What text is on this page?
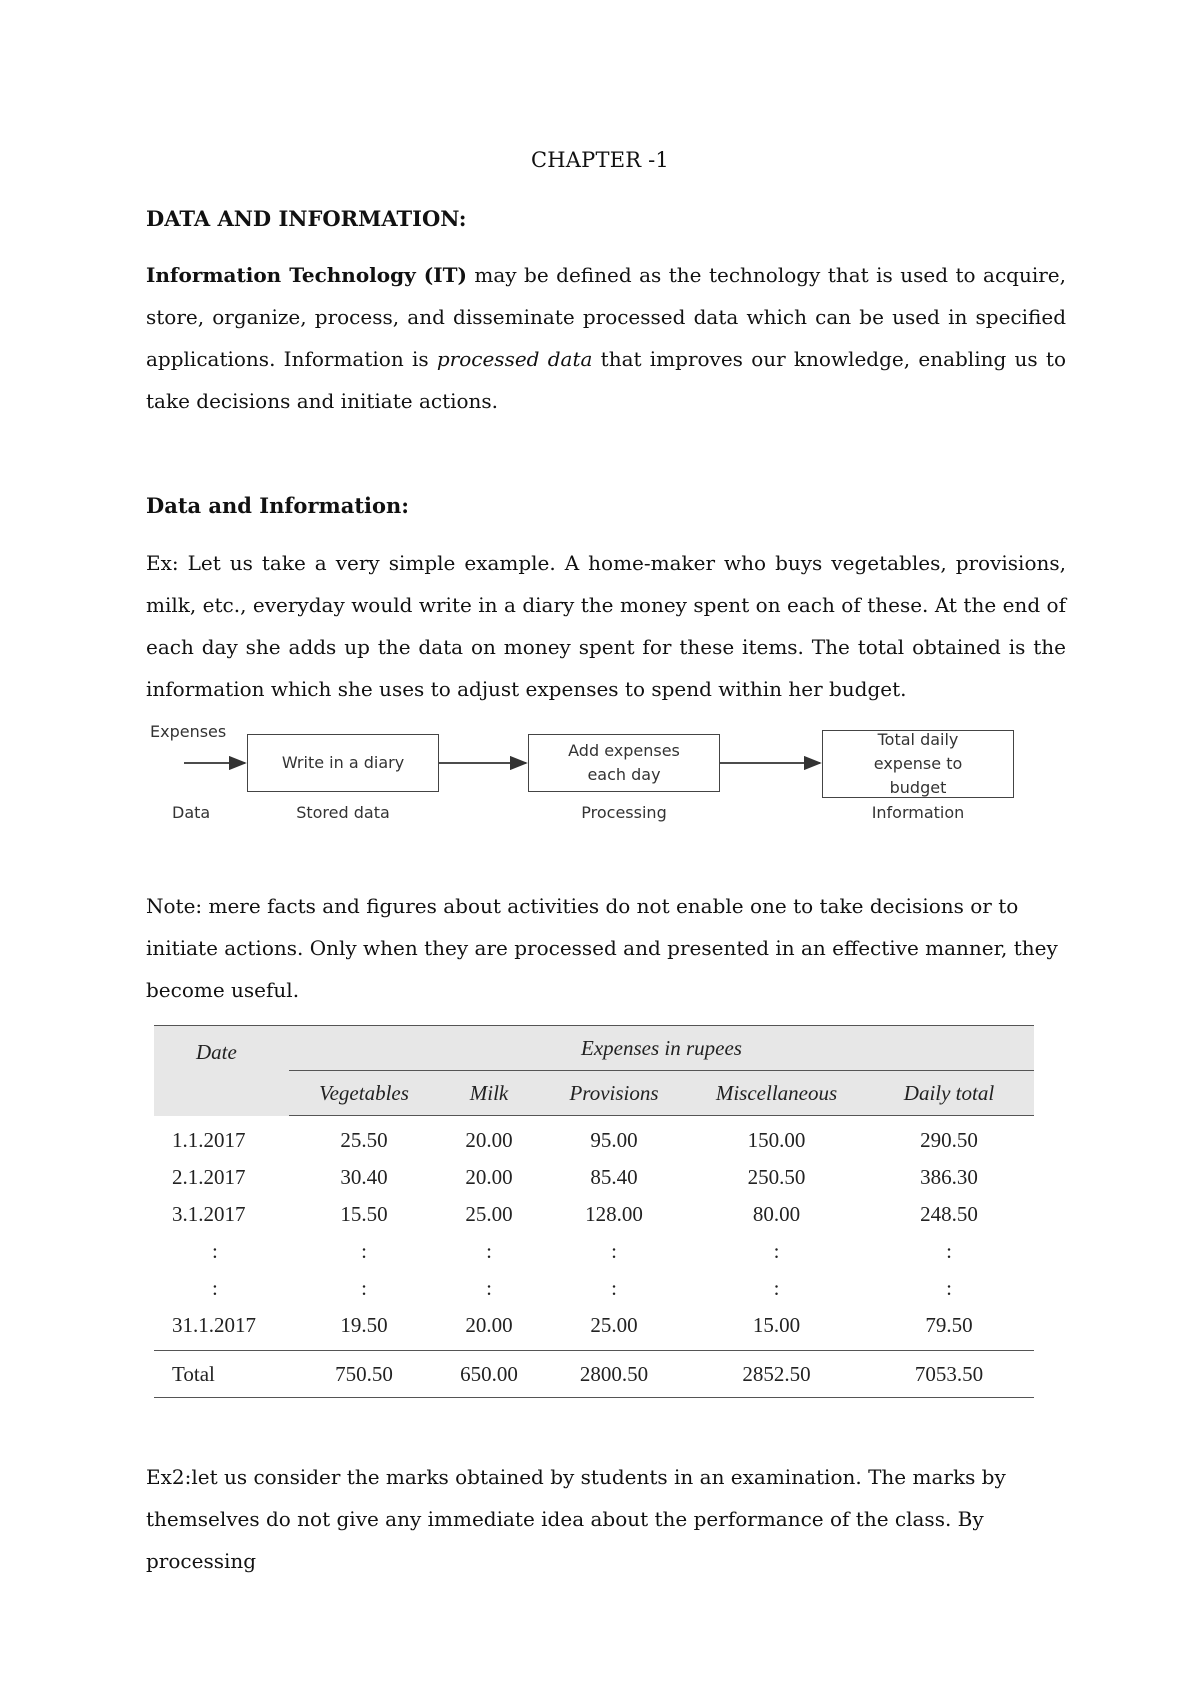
CHAPTER -1
DATA AND INFORMATION:
Information Technology (IT) may be defined as the technology that is used to acquire, store, organize, process, and disseminate processed data which can be used in specified applications. Information is processed data that improves our knowledge, enabling us to take decisions and initiate actions.
Data and Information:
Ex: Let us take a very simple example. A home-maker who buys vegetables, provisions, milk, etc., everyday would write in a diary the money spent on each of these. At the end of each day she adds up the data on money spent for these items. The total obtained is the information which she uses to adjust expenses to spend within her budget.
Expenses
Write in a diary
Add expenses each day
Total daily expense to budget
Data	Stored data	Processing	Information
Note: mere facts and figures about activities do not enable one to take decisions or to initiate actions. Only when they are processed and presented in an effective manner, they become useful.
Date	Expenses in rupees				
	Vegetables	Milk	Provisions	Miscellaneous	Daily total
1.1.2017	25.50	20.00	95.00	150.00	290.50
2.1.2017	30.40	20.00	85.40	250.50	386.30
3.1.2017	15.50	25.00	128.00	80.00	248.50
:	:	:	:	:	:
:	:	:	:	:	:
31.1.2017	19.50	20.00	25.00	15.00	79.50
Total	750.50	650.00	2800.50	2852.50	7053.50
Ex2:let us consider the marks obtained by students in an examination. The marks by themselves do not give any immediate idea about the performance of the class. By processing
